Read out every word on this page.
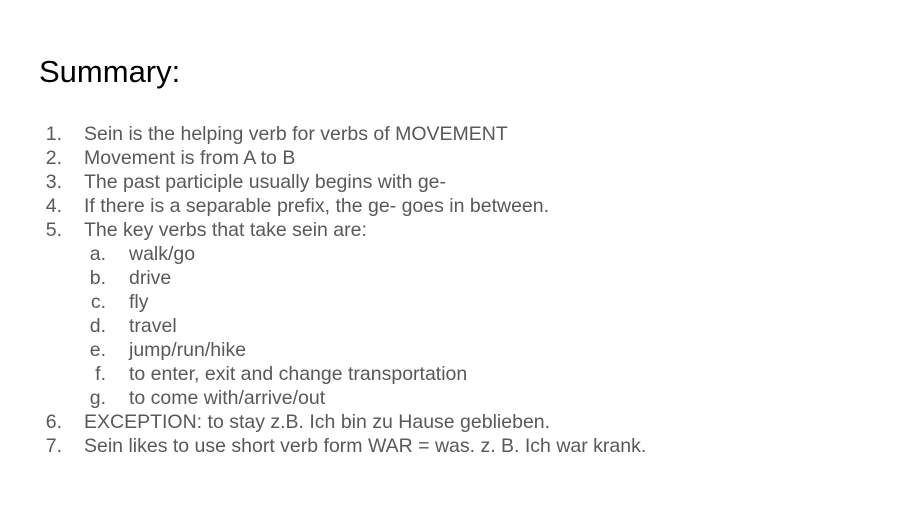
Summary:
1. Sein is the helping verb for verbs of MOVEMENT
2. Movement is from A to B
3. The past participle usually begins with ge-
4. If there is a separable prefix, the ge- goes in between.
5. The key verbs that take sein are:
a. walk/go
b. drive
c. fly
d. travel
e. jump/run/hike
f. to enter, exit and change transportation
g. to come with/arrive/out
6. EXCEPTION: to stay z.B. Ich bin zu Hause geblieben.
7. Sein likes to use short verb form WAR = was. z. B. Ich war krank.
